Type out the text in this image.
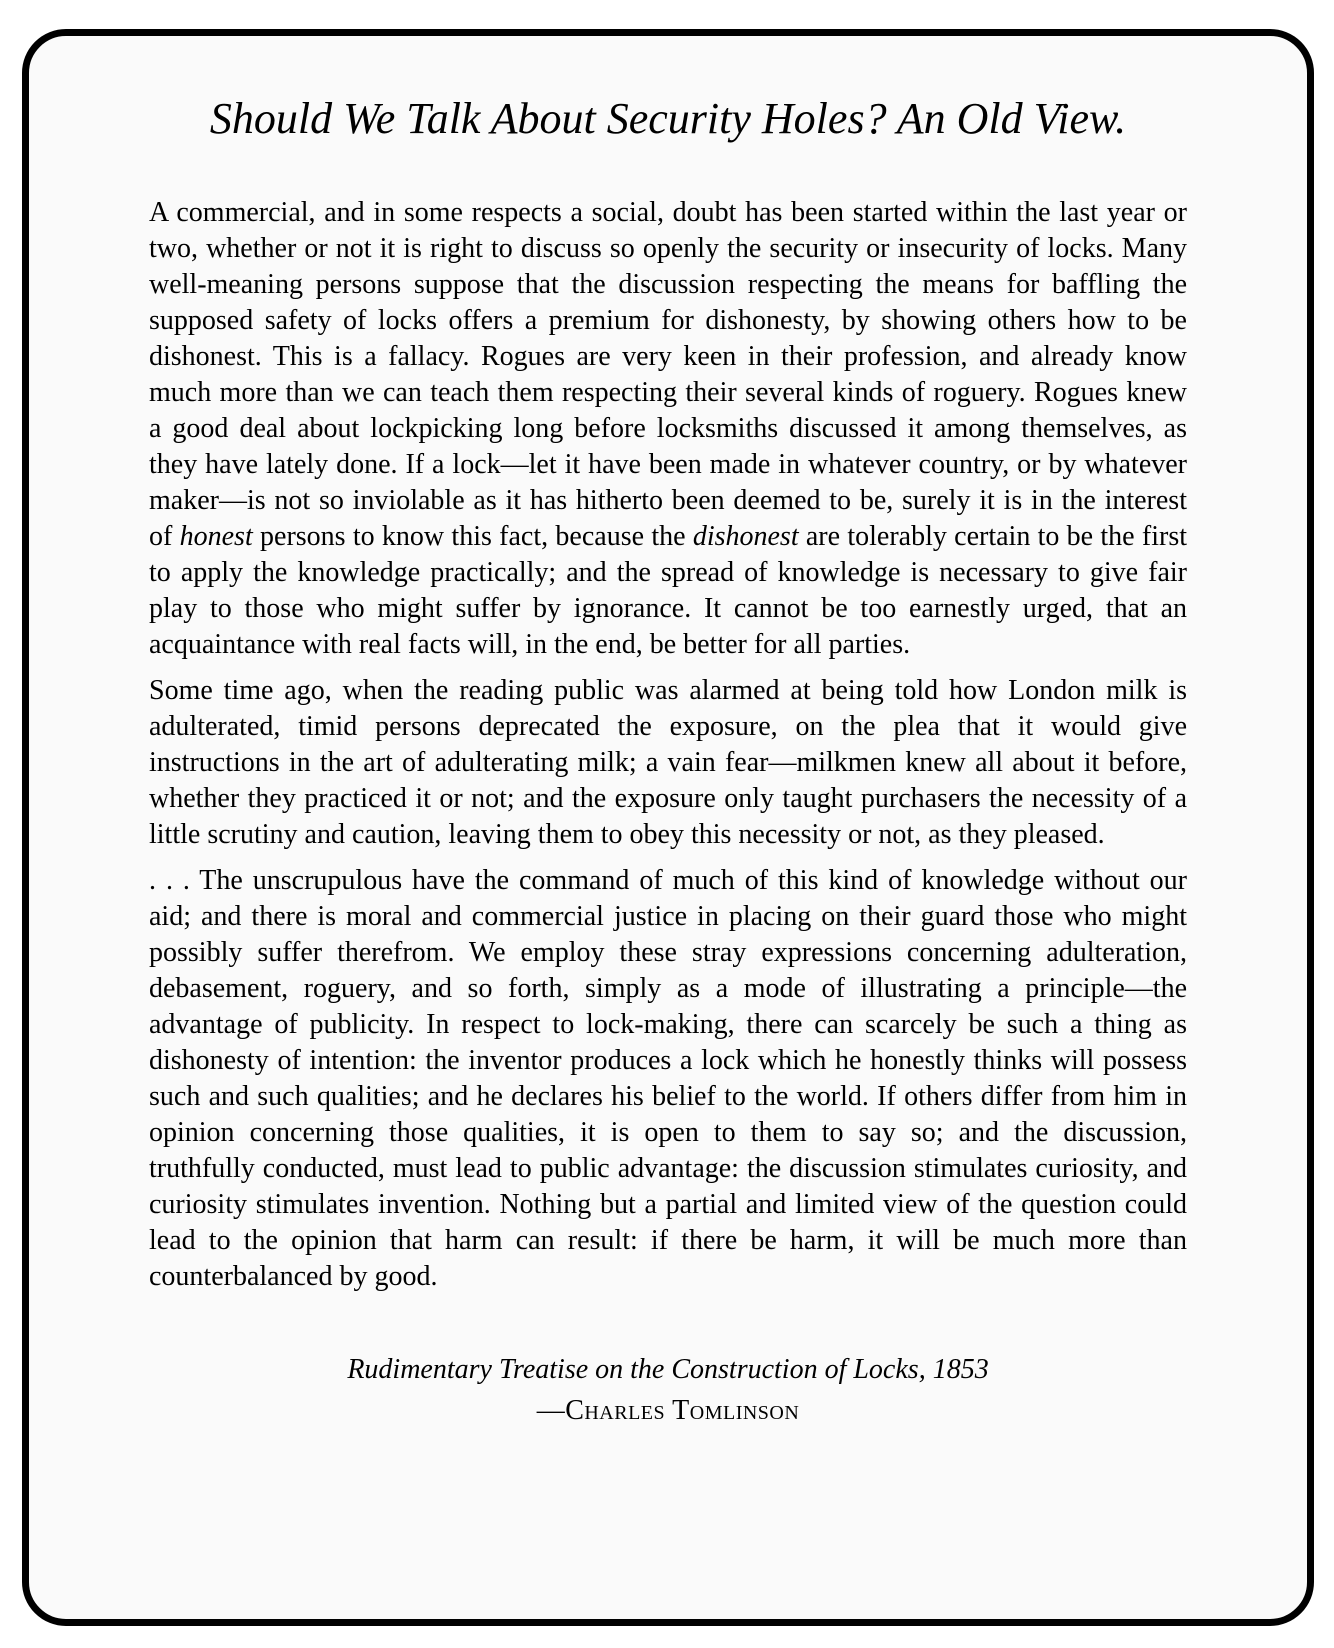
Should We Talk About Security Holes? An Old View.

A commercial, and in some respects a social, doubt has been started within the last year or two, whether or not it is right to discuss so openly the security or insecurity of locks. Many well-meaning persons suppose that the discussion respecting the means for baffling the supposed safety of locks offers a premium for dishonesty, by showing others how to be dishonest. This is a fallacy. Rogues are very keen in their profession, and already know much more than we can teach them respecting their several kinds of roguery. Rogues knew a good deal about lockpicking long before locksmiths discussed it among themselves, as they have lately done. If a lock—let it have been made in whatever country, or by whatever maker—is not so inviolable as it has hitherto been deemed to be, surely it is in the interest of honest persons to know this fact, because the dishonest are tolerably certain to be the first to apply the knowledge practically; and the spread of knowledge is necessary to give fair play to those who might suffer by ignorance. It cannot be too earnestly urged, that an acquaintance with real facts will, in the end, be better for all parties.

Some time ago, when the reading public was alarmed at being told how London milk is adulterated, timid persons deprecated the exposure, on the plea that it would give instructions in the art of adulterating milk; a vain fear—milkmen knew all about it before, whether they practiced it or not; and the exposure only taught purchasers the necessity of a little scrutiny and caution, leaving them to obey this necessity or not, as they pleased.

. . . The unscrupulous have the command of much of this kind of knowledge without our aid; and there is moral and commercial justice in placing on their guard those who might possibly suffer therefrom. We employ these stray expressions concerning adulteration, debasement, roguery, and so forth, simply as a mode of illustrating a principle—the advantage of publicity. In respect to lock-making, there can scarcely be such a thing as dishonesty of intention: the inventor produces a lock which he honestly thinks will possess such and such qualities; and he declares his belief to the world. If others differ from him in opinion concerning those qualities, it is open to them to say so; and the discussion, truthfully conducted, must lead to public advantage: the discussion stimulates curiosity, and curiosity stimulates invention. Nothing but a partial and limited view of the question could lead to the opinion that harm can result: if there be harm, it will be much more than counterbalanced by good.

Rudimentary Treatise on the Construction of Locks, 1853
—Charles Tomlinson
